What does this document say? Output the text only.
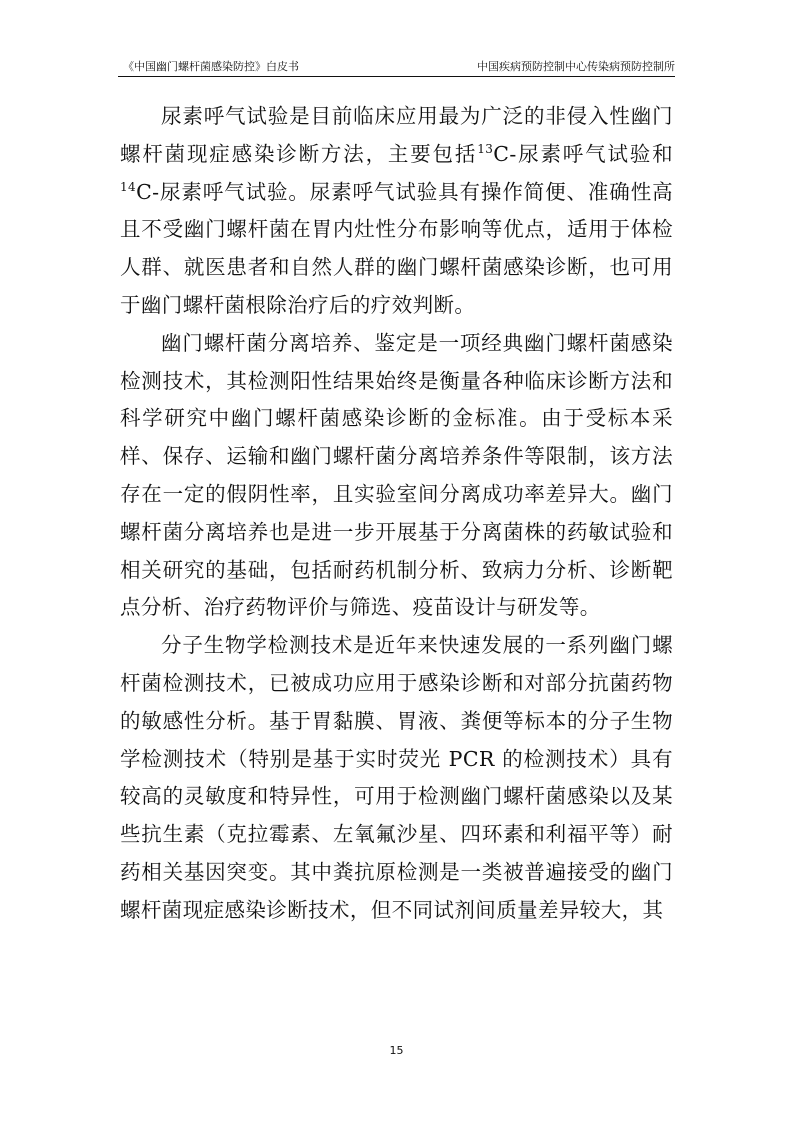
《中国幽门螺杆菌感染防控》白皮书	中国疾病预防控制中心传染病预防控制所

尿素呼气试验是目前临床应用最为广泛的非侵入性幽门螺杆菌现症感染诊断方法，主要包括$^{13}$C-尿素呼气试验和$^{14}$C-尿素呼气试验。尿素呼气试验具有操作简便、准确性高且不受幽门螺杆菌在胃内灶性分布影响等优点，适用于体检人群、就医患者和自然人群的幽门螺杆菌感染诊断，也可用于幽门螺杆菌根除治疗后的疗效判断。

幽门螺杆菌分离培养、鉴定是一项经典幽门螺杆菌感染检测技术，其检测阳性结果始终是衡量各种临床诊断方法和科学研究中幽门螺杆菌感染诊断的金标准。由于受标本采样、保存、运输和幽门螺杆菌分离培养条件等限制，该方法存在一定的假阴性率，且实验室间分离成功率差异大。幽门螺杆菌分离培养也是进一步开展基于分离菌株的药敏试验和相关研究的基础，包括耐药机制分析、致病力分析、诊断靶点分析、治疗药物评价与筛选、疫苗设计与研发等。

分子生物学检测技术是近年来快速发展的一系列幽门螺杆菌检测技术，已被成功应用于感染诊断和对部分抗菌药物的敏感性分析。基于胃黏膜、胃液、粪便等标本的分子生物学检测技术（特别是基于实时荧光 PCR 的检测技术）具有较高的灵敏度和特异性，可用于检测幽门螺杆菌感染以及某些抗生素（克拉霉素、左氧氟沙星、四环素和利福平等）耐药相关基因突变。其中粪抗原检测是一类被普遍接受的幽门螺杆菌现症感染诊断技术，但不同试剂间质量差异较大，其

15
